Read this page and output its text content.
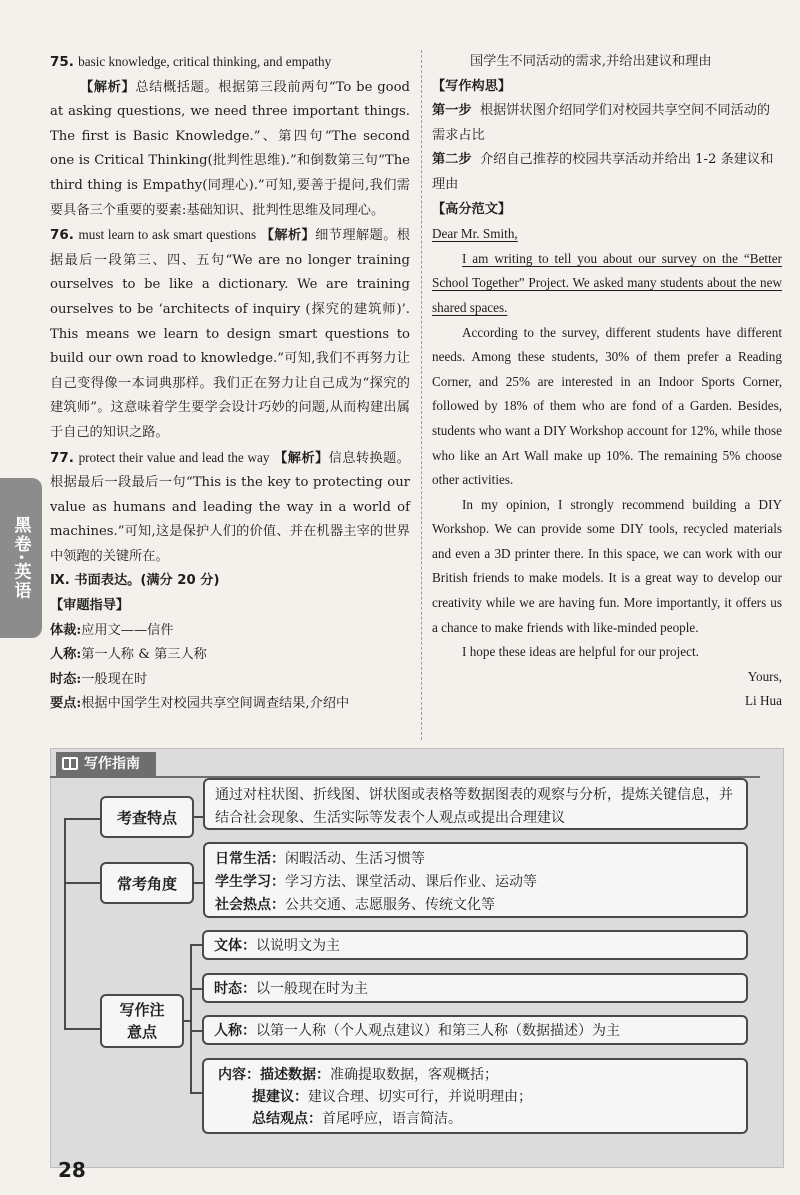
75. basic knowledge, critical thinking, and empathy
【解析】总结概括题。根据第三段前两句“To be good at asking questions, we need three important things. The first is Basic Knowledge.”、第四句“The second one is Critical Thinking(批判性思维).”和倒数第三句“The third thing is Empathy(同理心).”可知,要善于提问,我们需要具备三个重要的要素:基础知识、批判性思维及同理心。

76. must learn to ask smart questions 【解析】细节理解题。根据最后一段第三、四、五句“We are no longer training ourselves to be like a dictionary. We are training ourselves to be ‘architects of inquiry (探究的建筑师)’. This means we learn to design smart questions to build our own road to knowledge.”可知,我们不再努力让自己变得像一本词典那样。我们正在努力让自己成为“探究的建筑师”。这意味着学生要学会设计巧妙的问题,从而构建出属于自己的知识之路。

77. protect their value and lead the way 【解析】信息转换题。根据最后一段最后一句“This is the key to protecting our value as humans and leading the way in a world of machines.”可知,这是保护人们的价值、并在机器主宰的世界中领跑的关键所在。

Ⅸ. 书面表达。(满分 20 分)

【审题指导】

体裁:应用文——信件

人称:第一人称 & 第三人称

时态:一般现在时

要点:根据中国学生对校园共享空间调查结果,介绍中

国学生不同活动的需求,并给出建议和理由

【写作构思】

第一步 根据饼状图介绍同学们对校园共享空间不同活动的需求占比

第二步 介绍自己推荐的校园共享活动并给出 1-2 条建议和理由

【高分范文】

Dear Mr. Smith,

I am writing to tell you about our survey on the “Better School Together” Project. We asked many students about the new shared spaces.

According to the survey, different students have different needs. Among these students, 30% of them prefer a Reading Corner, and 25% are interested in an Indoor Sports Corner, followed by 18% of them who are fond of a Garden. Besides, students who want a DIY Workshop account for 12%, while those who like an Art Wall make up 10%. The remaining 5% choose other activities.

In my opinion, I strongly recommend building a DIY Workshop. We can provide some DIY tools, recycled materials and even a 3D printer there. In this space, we can work with our British friends to make models. It is a great way to develop our creativity while we are having fun. More importantly, it offers us a chance to make friends with like-minded people.

I hope these ideas are helpful for our project.

Yours,

Li Hua

黑卷·英语
写作指南
考查特点
通过对柱状图、折线图、饼状图或表格等数据图表的观察与分析，提炼关键信息，并结合社会现象、生活实际等发表个人观点或提出合理建议
常考角度
日常生活：闲暇活动、生活习惯等
学生学习：学习方法、课堂活动、课后作业、运动等
社会热点：公共交通、志愿服务、传统文化等
写作注意点
文体：以说明文为主
时态：以一般现在时为主
人称：以第一人称（个人观点建议）和第三人称（数据描述）为主
内容：描述数据：准确提取数据，客观概括；
提建议：建议合理、切实可行，并说明理由；
总结观点：首尾呼应，语言简洁。
28
